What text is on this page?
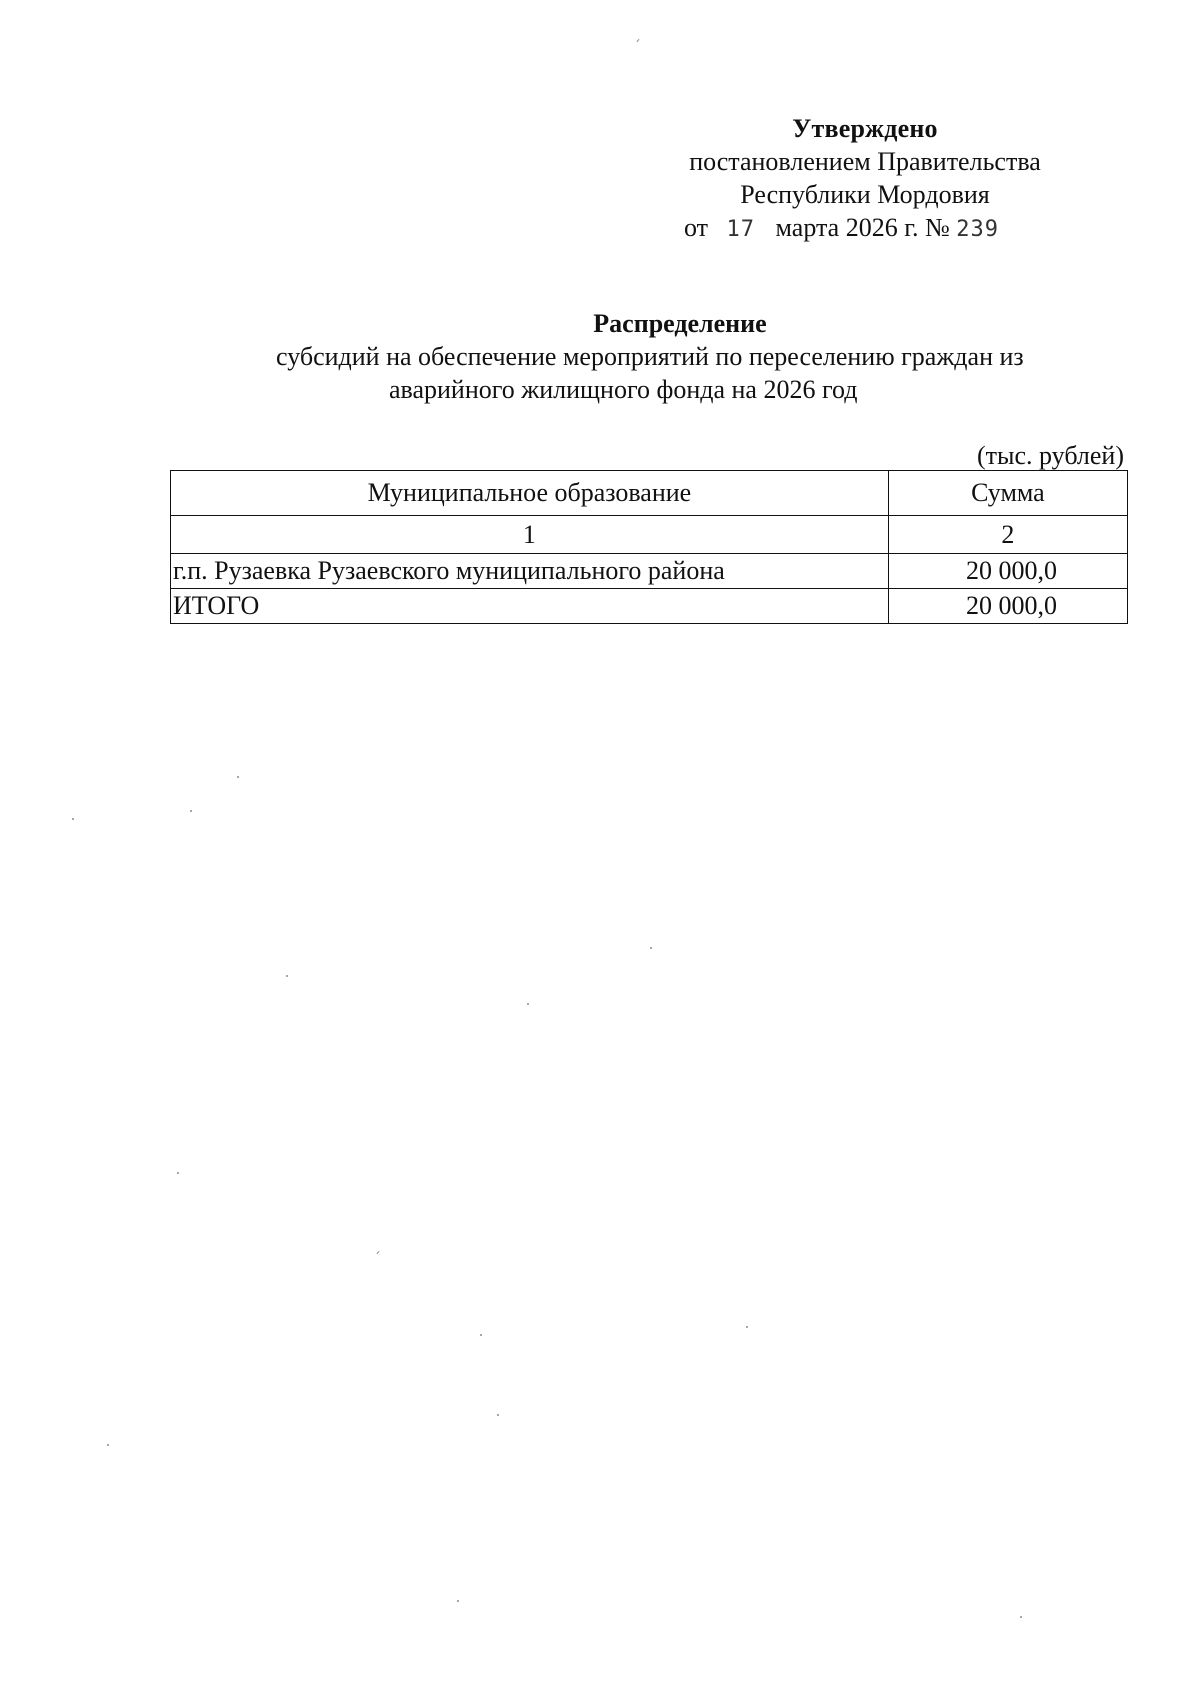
Утверждено
постановлением Правительства
Республики Мордовия
от 17 марта 2026 г. № 239
Распределение
субсидий на обеспечение мероприятий по переселению граждан из
аварийного жилищного фонда на 2026 год
(тыс. рублей)
Муниципальное образование	Сумма
1	2
г.п. Рузаевка Рузаевского муниципального района	20 000,0
ИТОГО	20 000,0
